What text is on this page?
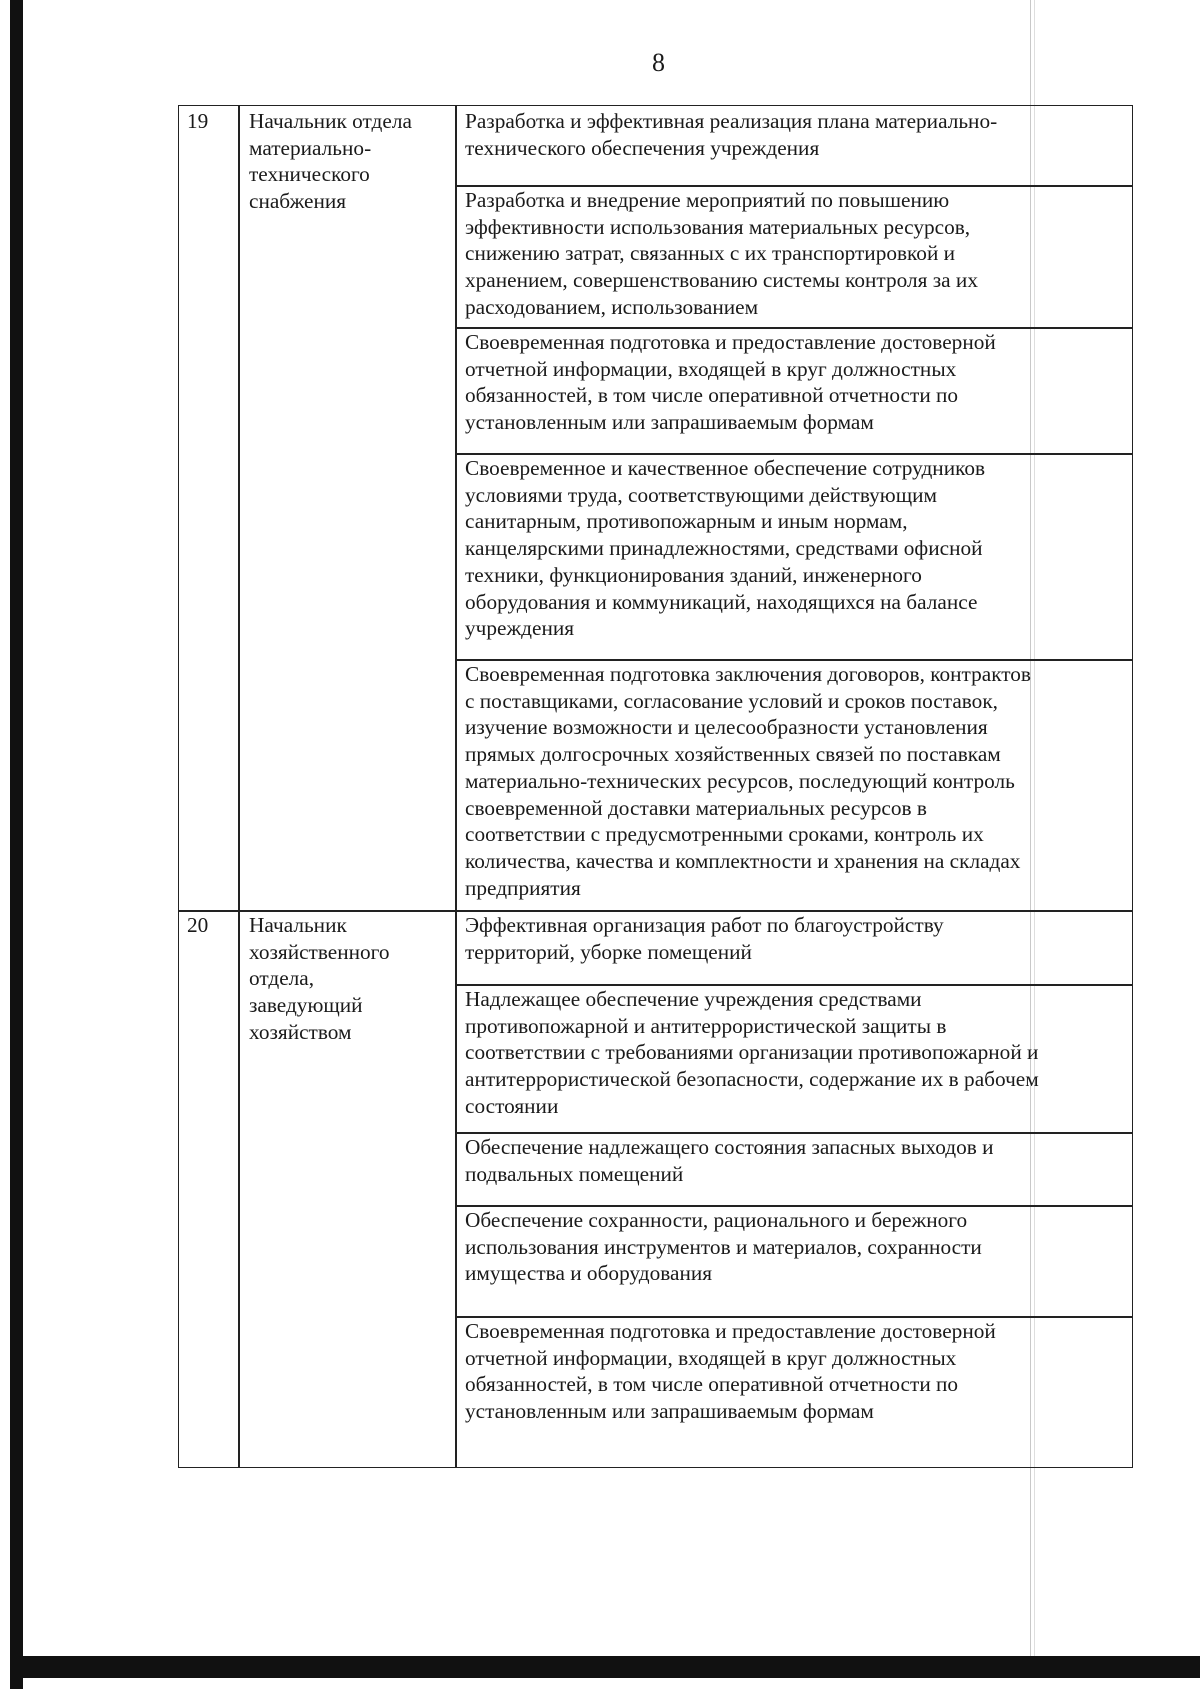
8
19 Начальник отдела
материально-
технического
снабжения
Разработка и эффективная реализация плана материально-
технического обеспечения учреждения
Разработка и внедрение мероприятий по повышению
эффективности использования материальных ресурсов,
снижению затрат, связанных с их транспортировкой и
хранением, совершенствованию системы контроля за их
расходованием, использованием
Своевременная подготовка и предоставление достоверной
отчетной информации, входящей в круг должностных
обязанностей, в том числе оперативной отчетности по
установленным или запрашиваемым формам
Своевременное и качественное обеспечение сотрудников
условиями труда, соответствующими действующим
санитарным, противопожарным и иным нормам,
канцелярскими принадлежностями, средствами офисной
техники, функционирования зданий, инженерного
оборудования и коммуникаций, находящихся на балансе
учреждения
Своевременная подготовка заключения договоров, контрактов
с поставщиками, согласование условий и сроков поставок,
изучение возможности и целесообразности установления
прямых долгосрочных хозяйственных связей по поставкам
материально-технических ресурсов, последующий контроль
своевременной доставки материальных ресурсов в
соответствии с предусмотренными сроками, контроль их
количества, качества и комплектности и хранения на складах
предприятия
20 Начальник
хозяйственного
отдела,
заведующий
хозяйством
Эффективная организация работ по благоустройству
территорий, уборке помещений
Надлежащее обеспечение учреждения средствами
противопожарной и антитеррористической защиты в
соответствии с требованиями организации противопожарной и
антитеррористической безопасности, содержание их в рабочем
состоянии
Обеспечение надлежащего состояния запасных выходов и
подвальных помещений
Обеспечение сохранности, рационального и бережного
использования инструментов и материалов, сохранности
имущества и оборудования
Своевременная подготовка и предоставление достоверной
отчетной информации, входящей в круг должностных
обязанностей, в том числе оперативной отчетности по
установленным или запрашиваемым формам
